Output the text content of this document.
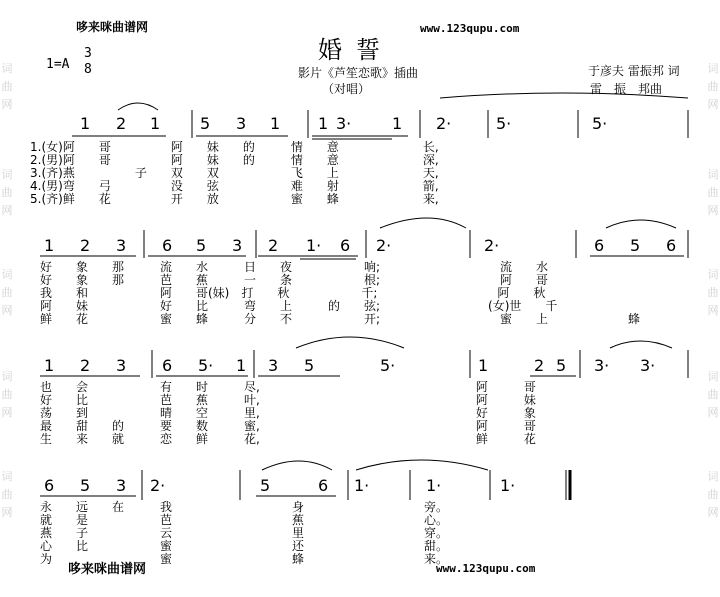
词
曲
网
词
曲
网
词
曲
网
词
曲
网
词
曲
网
词
曲
网
词
曲
网
词
曲
网
词
曲
网
词
曲
网
哆来咪曲谱网	www.123qupu.com
婚誓
1=A
3
8	影片《芦笙恋歌》插曲	于彦夫 雷振邦 词
（对唱）	雷　振　邦曲
1 2 1 5 3 1 1 3·	1 2·	5·	5·
1.(女)阿　　哥　　　　　阿　　妹　　的　　　情　　意　　　　　　　长,
2.(男)阿　　哥　　　　　阿　　妹　　的　　　情　　意　　　　　　　深,
3.(齐)燕　　　　　子　　双　　双　　　　　　飞　　上　　　　　　　天,
4.(男)弯　　弓　　　　　没　　弦　　　　　　难　　射　　　　　　　箭,
5.(齐)鲜　　花　　　　　开　　放　　　　　　蜜　　蜂　　　　　　　来,
1 2 3 6 5 3 2 1· 6 2·	2·	6 5 6
好　　象　　那　　　流　　水　　　日　　夜　　　　　　响;　　　　　　　　　　流　　水
好　　象　　那　　　芭　　蕉　　　一　　条　　　　　　根;　　　　　　　　　　阿　　哥
我　　和　　　　　　阿　　哥(妹)　打　　秋　　　　　　千;　　　　　　　　　　阿　　秋
阿　　妹　　　　　　好　　比　　　弯　　上　　　的　　弦;　　　　　　　　　(女)世　　千
鲜　　花　　　　　　蜜　　蜂　　　分　　不　　　　　　开;　　　　　　　　　　蜜　　上	蜂
1 2 3 6 5· 1 3 5	5·	1	2 5 3· 3·
也　　会　　　　　　有　　时　　　尽,　　　　　　　　　　　　　　　　　　阿　　　哥
好　　比　　　　　　芭　　蕉　　　叶,　　　　　　　　　　　　　　　　　　阿　　　妹
荡　　到　　　　　　晴　　空　　　里,　　　　　　　　　　　　　　　　　　好　　　象
最　　甜　　的　　　要　　数　　　蜜,　　　　　　　　　　　　　　　　　　阿　　　哥
生　　来　　就　　　恋　　鲜　　　花,　　　　　　　　　　　　　　　　　　鲜　　　花
6 5 3 2·	5	6 1·	1·	1·
永　　远　　在　　　我　　　　　　　　　　身　　　　　　　　　　旁。
就　　是　　　　　　芭　　　　　　　　　　蕉　　　　　　　　　　心。
燕　　子　　　　　　云　　　　　　　　　　里　　　　　　　　　　穿。
心　　比　　　　　　蜜　　　　　　　　　　还　　　　　　　　　　甜。
为　　　　　　　　　蜜　　　　　　　　　　蜂　　　　　　　　　　来。
哆来咪曲谱网	www.123qupu.com
